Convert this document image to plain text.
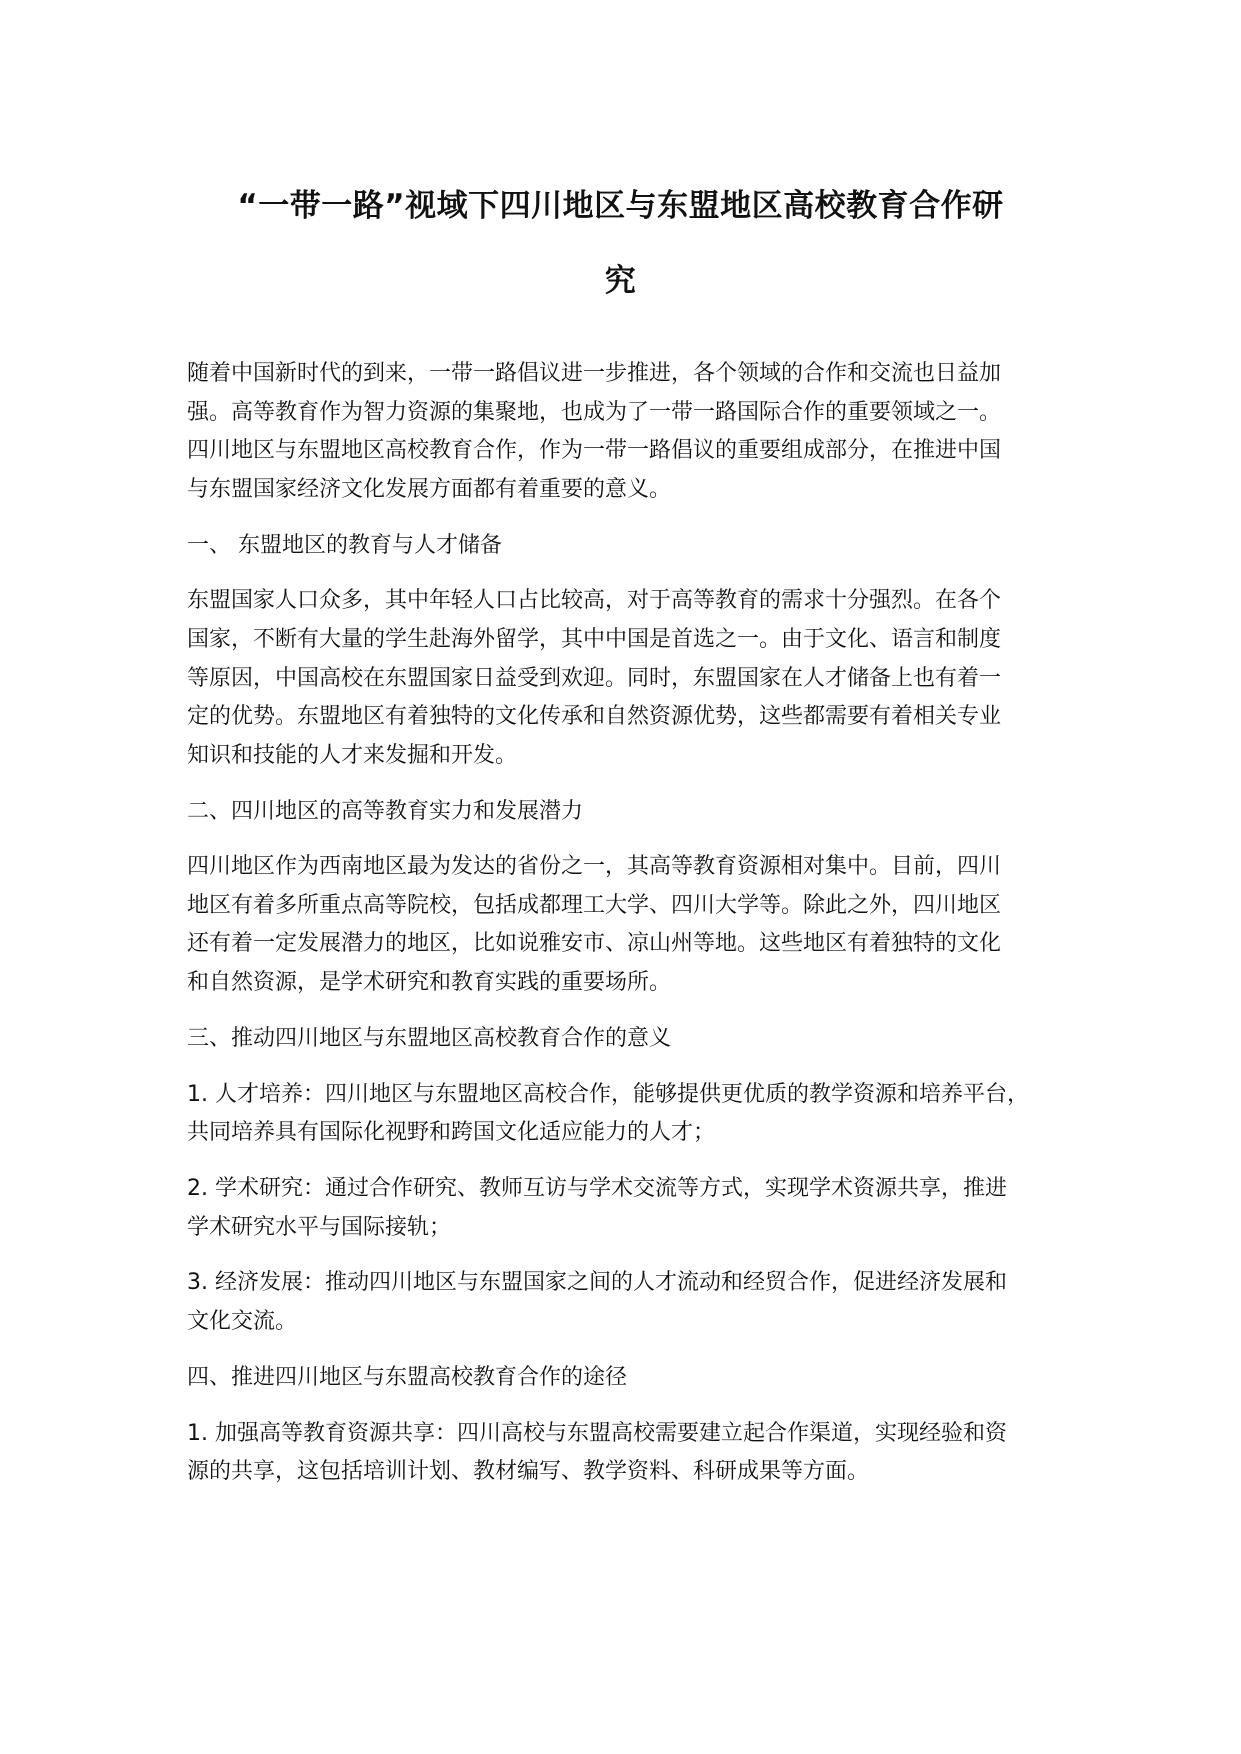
“一带一路”视域下四川地区与东盟地区高校教育合作研
究
随着中国新时代的到来，一带一路倡议进一步推进，各个领域的合作和交流也日益加
强。高等教育作为智力资源的集聚地，也成为了一带一路国际合作的重要领域之一。
四川地区与东盟地区高校教育合作，作为一带一路倡议的重要组成部分，在推进中国
与东盟国家经济文化发展方面都有着重要的意义。
一、 东盟地区的教育与人才储备
东盟国家人口众多，其中年轻人口占比较高，对于高等教育的需求十分强烈。在各个
国家，不断有大量的学生赴海外留学，其中中国是首选之一。由于文化、语言和制度
等原因，中国高校在东盟国家日益受到欢迎。同时，东盟国家在人才储备上也有着一
定的优势。东盟地区有着独特的文化传承和自然资源优势，这些都需要有着相关专业
知识和技能的人才来发掘和开发。
二、四川地区的高等教育实力和发展潜力
四川地区作为西南地区最为发达的省份之一，其高等教育资源相对集中。目前，四川
地区有着多所重点高等院校，包括成都理工大学、四川大学等。除此之外，四川地区
还有着一定发展潜力的地区，比如说雅安市、凉山州等地。这些地区有着独特的文化
和自然资源，是学术研究和教育实践的重要场所。
三、推动四川地区与东盟地区高校教育合作的意义
1. 人才培养：四川地区与东盟地区高校合作，能够提供更优质的教学资源和培养平台，
共同培养具有国际化视野和跨国文化适应能力的人才；
2. 学术研究：通过合作研究、教师互访与学术交流等方式，实现学术资源共享，推进
学术研究水平与国际接轨；
3. 经济发展：推动四川地区与东盟国家之间的人才流动和经贸合作，促进经济发展和
文化交流。
四、推进四川地区与东盟高校教育合作的途径
1. 加强高等教育资源共享：四川高校与东盟高校需要建立起合作渠道，实现经验和资
源的共享，这包括培训计划、教材编写、教学资料、科研成果等方面。
